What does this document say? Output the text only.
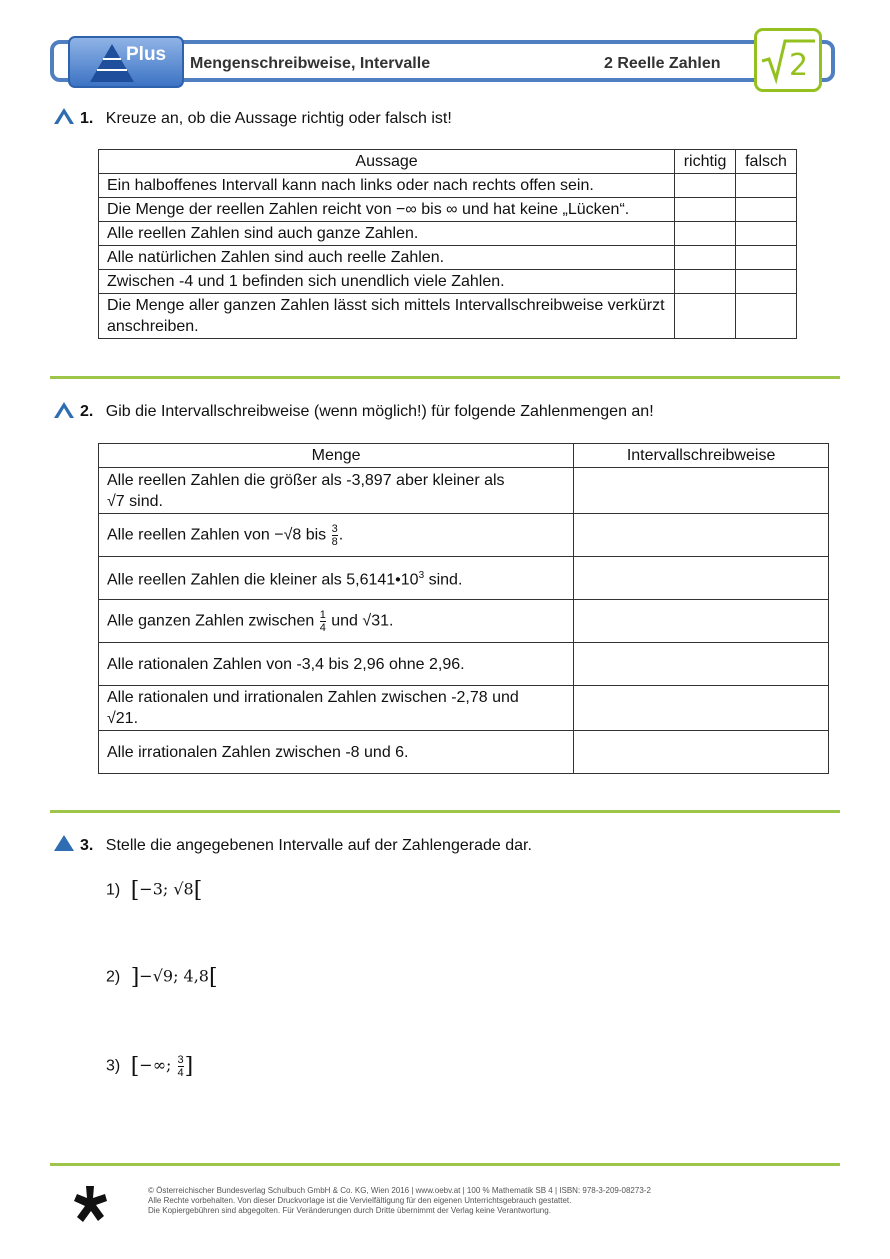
Plus Mengenschreibweise, Intervalle	2 Reelle Zahlen 2
1. Kreuze an, ob die Aussage richtig oder falsch ist!
Aussage	richtig	falsch
Ein halboffenes Intervall kann nach links oder nach rechts offen sein.		
Die Menge der reellen Zahlen reicht von −∞ bis ∞ und hat keine „Lücken“.		
Alle reellen Zahlen sind auch ganze Zahlen.		
Alle natürlichen Zahlen sind auch reelle Zahlen.		
Zwischen -4 und 1 befinden sich unendlich viele Zahlen.		
Die Menge aller ganzen Zahlen lässt sich mittels Intervallschreibweise verkürzt anschreiben.		
2. Gib die Intervallschreibweise (wenn möglich!) für folgende Zahlenmengen an!
Menge	Intervallschreibweise
Alle reellen Zahlen die größer als -3,897 aber kleiner als
√7 sind.	
Alle reellen Zahlen von −√8 bis $\frac{3}{8}$ .	
Alle reellen Zahlen die kleiner als $5,6141•10^3$ sind.	
Alle ganzen Zahlen zwischen $\frac{1}{4}$ und √31.	
Alle rationalen Zahlen von -3,4 bis 2,96 ohne 2,96.	
Alle rationalen und irrationalen Zahlen zwischen -2,78 und
√21.	
Alle irrationalen Zahlen zwischen -8 und 6.	
3. Stelle die angegebenen Intervalle auf der Zahlengerade dar.
1) [−3; √8[
2) ]−√9; 4,8[
3) [−∞; $\frac{3}{4}$ ]
© Österreichischer Bundesverlag Schulbuch GmbH & Co. KG, Wien 2016 | www.oebv.at | 100 % Mathematik SB 4 | ISBN: 978-3-209-08273-2
Alle Rechte vorbehalten. Von dieser Druckvorlage ist die Vervielfältigung für den eigenen Unterrichtsgebrauch gestattet.
Die Kopiergebühren sind abgegolten. Für Veränderungen durch Dritte übernimmt der Verlag keine Verantwortung.
